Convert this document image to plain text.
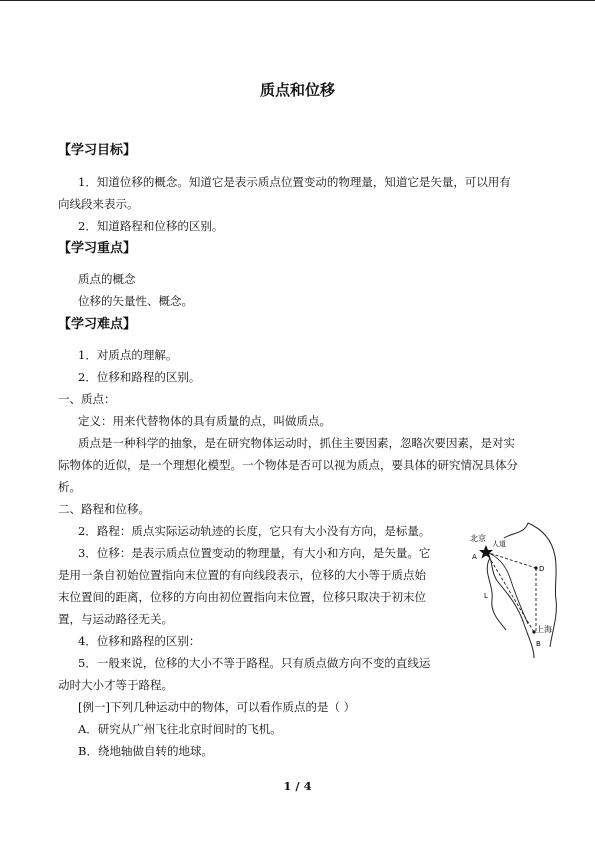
质点和位移
【学习目标】
1．知道位移的概念。知道它是表示质点位置变动的物理量，知道它是矢量，可以用有
向线段来表示。
2．知道路程和位移的区别。
【学习重点】
质点的概念
位移的矢量性、概念。
【学习难点】
1．对质点的理解。
2．位移和路程的区别。
一、质点：
定义：用来代替物体的具有质量的点，叫做质点。
质点是一种科学的抽象，是在研究物体运动时，抓住主要因素，忽略次要因素，是对实
际物体的近似，是一个理想化模型。一个物体是否可以视为质点，要具体的研究情况具体分
析。
二、路程和位移。
2．路程：质点实际运动轨迹的长度，它只有大小没有方向，是标量。
3．位移：是表示质点位置变动的物理量，有大小和方向，是矢量。它
是用一条自初始位置指向末位置的有向线段表示，位移的大小等于质点始
末位置间的距离，位移的方向由初位置指向末位置，位移只取决于初末位
置，与运动路径无关。
4．位移和路程的区别：
5．一般来说，位移的大小不等于路程。只有质点做方向不变的直线运
动时大小才等于路程。
[例一]下列几种运动中的物体，可以看作质点的是（ ）
A．研究从广州飞往北京时间时的飞机。
B．绕地轴做自转的地球。
北京
人道
A
D
L
上海
B
1 / 4
